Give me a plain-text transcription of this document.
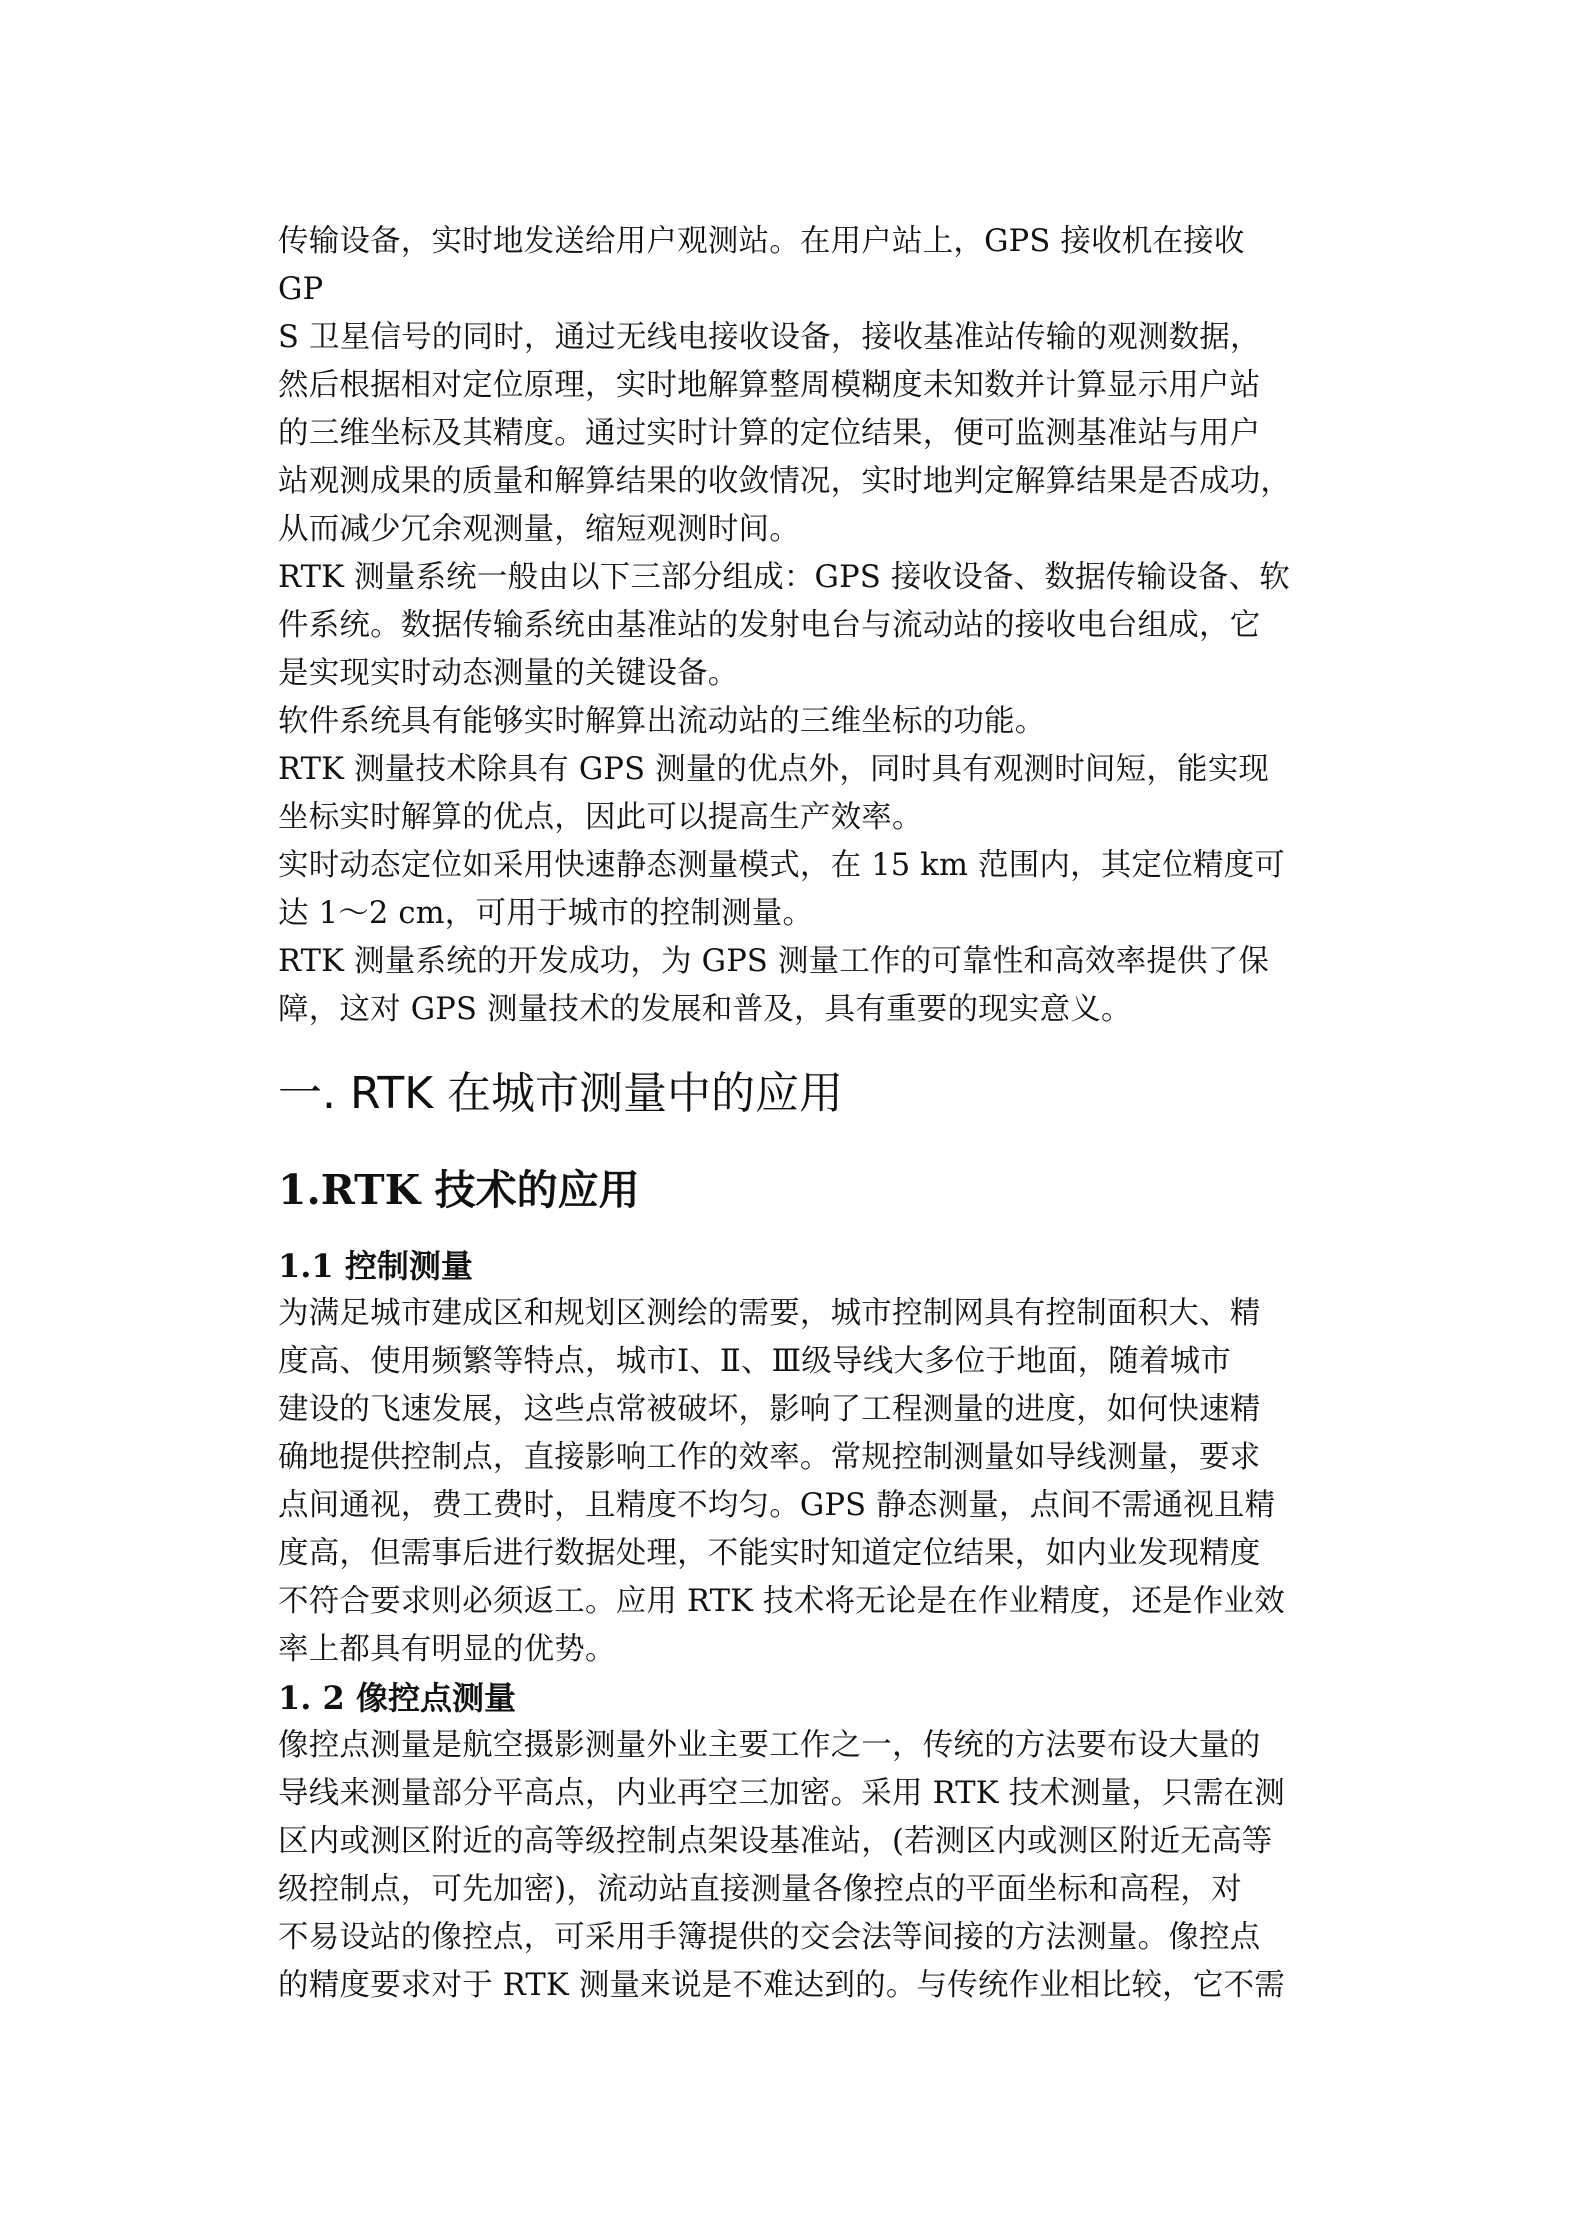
传输设备，实时地发送给用户观测站。在用户站上，GPS 接收机在接收

GP

S 卫星信号的同时，通过无线电接收设备，接收基准站传输的观测数据，

然后根据相对定位原理，实时地解算整周模糊度未知数并计算显示用户站

的三维坐标及其精度。通过实时计算的定位结果，便可监测基准站与用户

站观测成果的质量和解算结果的收敛情况，实时地判定解算结果是否成功，

从而减少冗余观测量，缩短观测时间。

RTK 测量系统一般由以下三部分组成：GPS 接收设备、数据传输设备、软

件系统。数据传输系统由基准站的发射电台与流动站的接收电台组成，它

是实现实时动态测量的关键设备。

软件系统具有能够实时解算出流动站的三维坐标的功能。

RTK 测量技术除具有 GPS 测量的优点外，同时具有观测时间短，能实现

坐标实时解算的优点，因此可以提高生产效率。

实时动态定位如采用快速静态测量模式，在 15 km 范围内，其定位精度可

达 1～2 cm，可用于城市的控制测量。

RTK 测量系统的开发成功，为 GPS 测量工作的可靠性和高效率提供了保

障，这对 GPS 测量技术的发展和普及，具有重要的现实意义。

一. RTK 在城市测量中的应用
1.RTK 技术的应用
1.1 控制测量

为满足城市建成区和规划区测绘的需要，城市控制网具有控制面积大、精

度高、使用频繁等特点，城市Ⅰ、Ⅱ、Ⅲ级导线大多位于地面，随着城市

建设的飞速发展，这些点常被破坏，影响了工程测量的进度，如何快速精

确地提供控制点，直接影响工作的效率。常规控制测量如导线测量，要求

点间通视，费工费时，且精度不均匀。GPS 静态测量，点间不需通视且精

度高，但需事后进行数据处理，不能实时知道定位结果，如内业发现精度

不符合要求则必须返工。应用 RTK 技术将无论是在作业精度，还是作业效

率上都具有明显的优势。

1. 2 像控点测量

像控点测量是航空摄影测量外业主要工作之一，传统的方法要布设大量的

导线来测量部分平高点，内业再空三加密。采用 RTK 技术测量，只需在测

区内或测区附近的高等级控制点架设基准站，(若测区内或测区附近无高等

级控制点，可先加密)，流动站直接测量各像控点的平面坐标和高程，对

不易设站的像控点，可采用手簿提供的交会法等间接的方法测量。像控点

的精度要求对于 RTK 测量来说是不难达到的。与传统作业相比较，它不需
